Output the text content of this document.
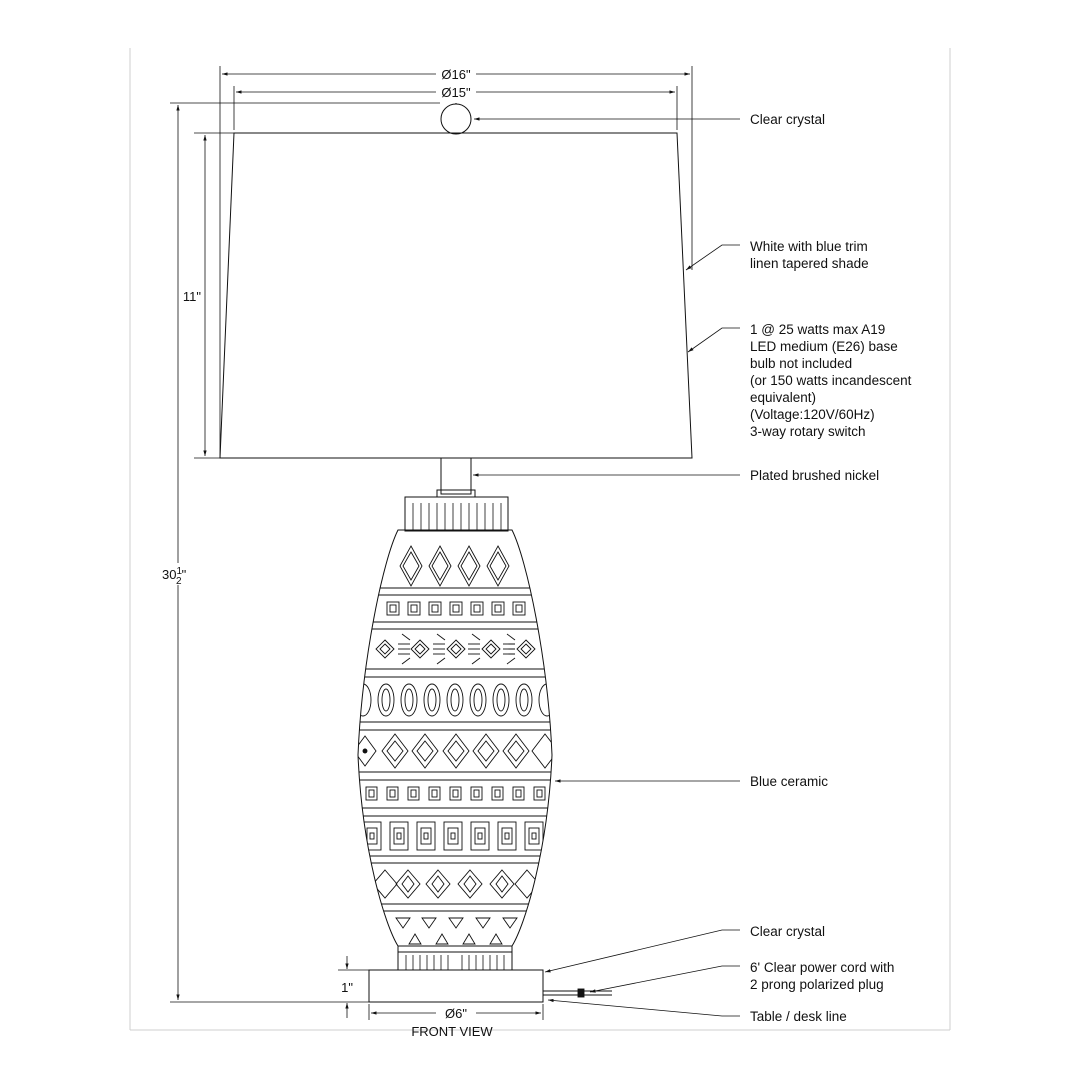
Ø16"
Ø15"
11"
$30^1$ 2"
1"
Ø6"
FRONT VIEW
Clear crystal
White with blue trim
linen tapered shade
1 @ 25 watts max A19
LED medium (E26) base
bulb not included
(or 150 watts incandescent
equivalent)
(Voltage:120V/60Hz)
3-way rotary switch
Plated brushed nickel
Blue ceramic
Clear crystal
6' Clear power cord with
2 prong polarized plug
Table / desk line
